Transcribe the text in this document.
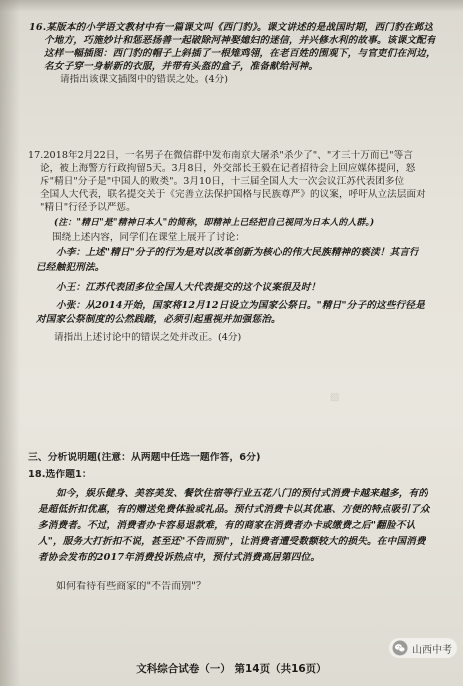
16.某版本的小学语文教材中有一篇课文叫《西门豹》。课文讲述的是战国时期，西门豹在邺这
个地方，巧施妙计和惩恶扬善一起破除河神娶媳妇的迷信，并兴修水利的故事。该课文配有
这样一幅插图：西门豹的帽子上斜插了一根雉鸡翎，在老百姓的围观下，与官吏们在河边，
名女子穿一身崭新的衣服，并带有头盔的盒子，准备献给河神。
请指出该课文插图中的错误之处。(4分)
17.2018年2月22日，一名男子在微信群中发布南京大屠杀"杀少了"、"才三十万而已"等言
论，被上海警方行政拘留5天。3月8日，外交部长王毅在记者招待会上回应媒体提问，怒
斥"精日"分子是"中国人的败类"。3月10日，十三届全国人大一次会议江苏代表团多位
全国人大代表，联名提交关于《完善立法保护国格与民族尊严》的议案，呼吁从立法层面对
"精日"行径予以严惩。
(注："精日"是"精神日本人"的简称，即精神上已经把自己视同为日本人的人群。)
围绕上述内容，同学们在课堂上展开了讨论：
小李：上述"精日"分子的行为是对以改革创新为核心的伟大民族精神的亵渎！其言行
已经触犯刑法。
小王：江苏代表团多位全国人大代表提交的这个议案很及时！
小张：从2014开始，国家将12月12日设立为国家公祭日。"精日"分子的这些行径是
对国家公祭制度的公然践踏，必须引起重视并加强惩治。
请指出上述讨论中的错误之处并改正。(4分)
▨
三、分析说明题(注意：从两题中任选一题作答，6分)
18.选作题1：
如今，娱乐健身、美容美发、餐饮住宿等行业五花八门的预付式消费卡越来越多，有的
是超低折扣优惠，有的赠送免费体验或礼品。预付式消费卡以其优惠、方便的特点吸引了众
多消费者。不过，消费者办卡容易退款难，有的商家在消费者办卡或缴费之后"翻脸不认
人"，服务大打折扣不说，甚至还"不告而别"，让消费者遭受数额较大的损失。在中国消费
者协会发布的2017年消费投诉热点中，预付式消费高居第四位。
如何看待有些商家的"不告而别"？
文科综合试卷（一） 第14页（共16页）
山西中考
